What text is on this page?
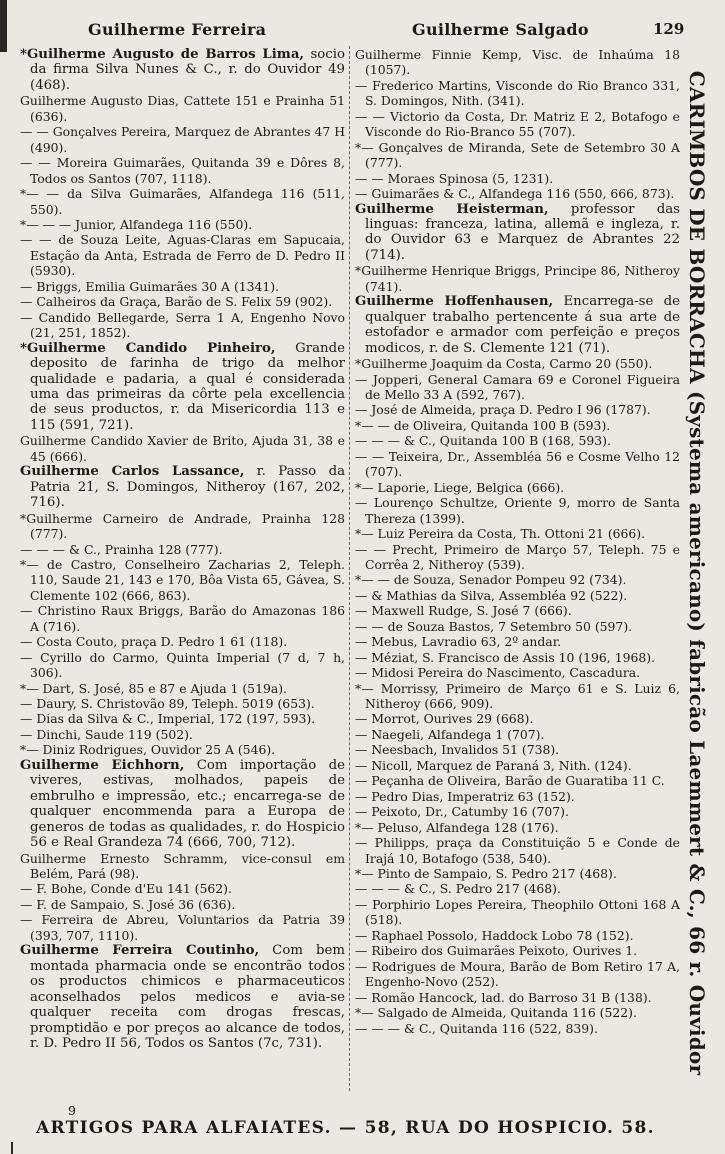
Guilherme Ferreira	Guilherme Salgado	129

*Guilherme Augusto de Barros Lima, socio da firma Silva Nunes & C., r. do Ouvidor 49 (468).

Guilherme Augusto Dias, Cattete 151 e Prainha 51 (636).

— — Gonçalves Pereira, Marquez de Abrantes 47 H (490).

— — Moreira Guimarães, Quitanda 39 e Dôres 8, Todos os Santos (707, 1118).

*— — da Silva Guimarães, Alfandega 116 (511, 550).

*— — — Junior, Alfandega 116 (550).

— — de Souza Leite, Aguas-Claras em Sapucaia, Estação da Anta, Estrada de Ferro de D. Pedro II (5930).

— Briggs, Emilia Guimarães 30 A (1341).

— Calheiros da Graça, Barão de S. Felix 59 (902).

— Candido Bellegarde, Serra 1 A, Engenho Novo (21, 251, 1852).

*Guilherme Candido Pinheiro, Grande deposito de farinha de trigo da melhor qualidade e padaria, a qual é considerada uma das primeiras da côrte pela excellencia de seus productos, r. da Misericordia 113 e 115 (591, 721).

Guilherme Candido Xavier de Brito, Ajuda 31, 38 e 45 (666).

Guilherme Carlos Lassance, r. Passo da Patria 21, S. Domingos, Nitheroy (167, 202, 716).

*Guilherme Carneiro de Andrade, Prainha 128 (777).

— — — & C., Prainha 128 (777).

*— de Castro, Conselheiro Zacharias 2, Teleph. 110, Saude 21, 143 e 170, Bôa Vista 65, Gávea, S. Clemente 102 (666, 863).

— Christino Raux Briggs, Barão do Amazonas 186 A (716).

— Costa Couto, praça D. Pedro 1 61 (118).

— Cyrillo do Carmo, Quinta Imperial (7 d, 7 h, 306).

*— Dart, S. José, 85 e 87 e Ajuda 1 (519a).

— Daury, S. Christovão 89, Teleph. 5019 (653).

— Dias da Silva & C., Imperial, 172 (197, 593).

— Dinchi, Saude 119 (502).

*— Diniz Rodrigues, Ouvidor 25 A (546).

Guilherme Eichhorn, Com importação de viveres, estivas, molhados, papeis de embrulho e impressão, etc.; encarrega-se de qualquer encommenda para a Europa de generos de todas as qualidades, r. do Hospicio 56 e Real Grandeza 74 (666, 700, 712).

Guilherme Ernesto Schramm, vice-consul em Belém, Pará (98).

— F. Bohe, Conde d'Eu 141 (562).

— F. de Sampaio, S. José 36 (636).

— Ferreira de Abreu, Voluntarios da Patria 39 (393, 707, 1110).

Guilherme Ferreira Coutinho, Com bem montada pharmacia onde se encontrão todos os productos chimicos e pharmaceuticos aconselhados pelos medicos e avia-se qualquer receita com drogas frescas, promptidão e por preços ao alcance de todos, r. D. Pedro II 56, Todos os Santos (7c, 731).

Guilherme Finnie Kemp, Visc. de Inhaúma 18 (1057).

— Frederico Martins, Visconde do Rio Branco 331, S. Domingos, Nith. (341).

— — Victorio da Costa, Dr. Matriz E 2, Botafogo e Visconde do Rio-Branco 55 (707).

*— Gonçalves de Miranda, Sete de Setembro 30 A (777).

— — Moraes Spinosa (5, 1231).

— Guimarães & C., Alfandega 116 (550, 666, 873).

Guilherme Heisterman, professor das linguas: franceza, latina, allemã e ingleza, r. do Ouvidor 63 e Marquez de Abrantes 22 (714).

*Guilherme Henrique Briggs, Principe 86, Nitheroy (741).

Guilherme Hoffenhausen, Encarrega-se de qualquer trabalho pertencente á sua arte de estofador e armador com perfeição e preços modicos, r. de S. Clemente 121 (71).

*Guilherme Joaquim da Costa, Carmo 20 (550).

— Jopperi, General Camara 69 e Coronel Figueira de Mello 33 A (592, 767).

— José de Almeida, praça D. Pedro I 96 (1787).

*— — de Oliveira, Quitanda 100 B (593).

— — — & C., Quitanda 100 B (168, 593).

— — Teixeira, Dr., Assembléa 56 e Cosme Velho 12 (707).

*— Laporie, Liege, Belgica (666).

— Lourenço Schultze, Oriente 9, morro de Santa Thereza (1399).

*— Luiz Pereira da Costa, Th. Ottoni 21 (666).

— — Precht, Primeiro de Março 57, Teleph. 75 e Corrêa 2, Nitheroy (539).

*— — de Souza, Senador Pompeu 92 (734).

— & Mathias da Silva, Assembléa 92 (522).

— Maxwell Rudge, S. José 7 (666).

— — de Souza Bastos, 7 Setembro 50 (597).

— Mebus, Lavradio 63, 2º andar.

— Méziat, S. Francisco de Assis 10 (196, 1968).

— Midosi Pereira do Nascimento, Cascadura.

*— Morrissy, Primeiro de Março 61 e S. Luiz 6, Nitheroy (666, 909).

— Morrot, Ourives 29 (668).

— Naegeli, Alfandega 1 (707).

— Neesbach, Invalidos 51 (738).

— Nicoll, Marquez de Paraná 3, Nith. (124).

— Peçanha de Oliveira, Barão de Guaratiba 11 C.

— Pedro Dias, Imperatriz 63 (152).

— Peixoto, Dr., Catumby 16 (707).

*— Peluso, Alfandega 128 (176).

— Philipps, praça da Constituição 5 e Conde de Irajá 10, Botafogo (538, 540).

*— Pinto de Sampaio, S. Pedro 217 (468).

— — — & C., S. Pedro 217 (468).

— Porphirio Lopes Pereira, Theophilo Ottoni 168 A (518).

— Raphael Possolo, Haddock Lobo 78 (152).

— Ribeiro dos Guimarães Peixoto, Ourives 1.

— Rodrigues de Moura, Barão de Bom Retiro 17 A, Engenho-Novo (252).

— Romão Hancock, lad. do Barroso 31 B (138).

*— Salgado de Almeida, Quitanda 116 (522).

— — — & C., Quitanda 116 (522, 839).	CARIMBOS DE BORRACHA (Systema americano) fabricão Laemmert & C., 66 r. Ouvidor
9
ARTIGOS PARA ALFAIATES. — 58, RUA DO HOSPICIO. 58.
